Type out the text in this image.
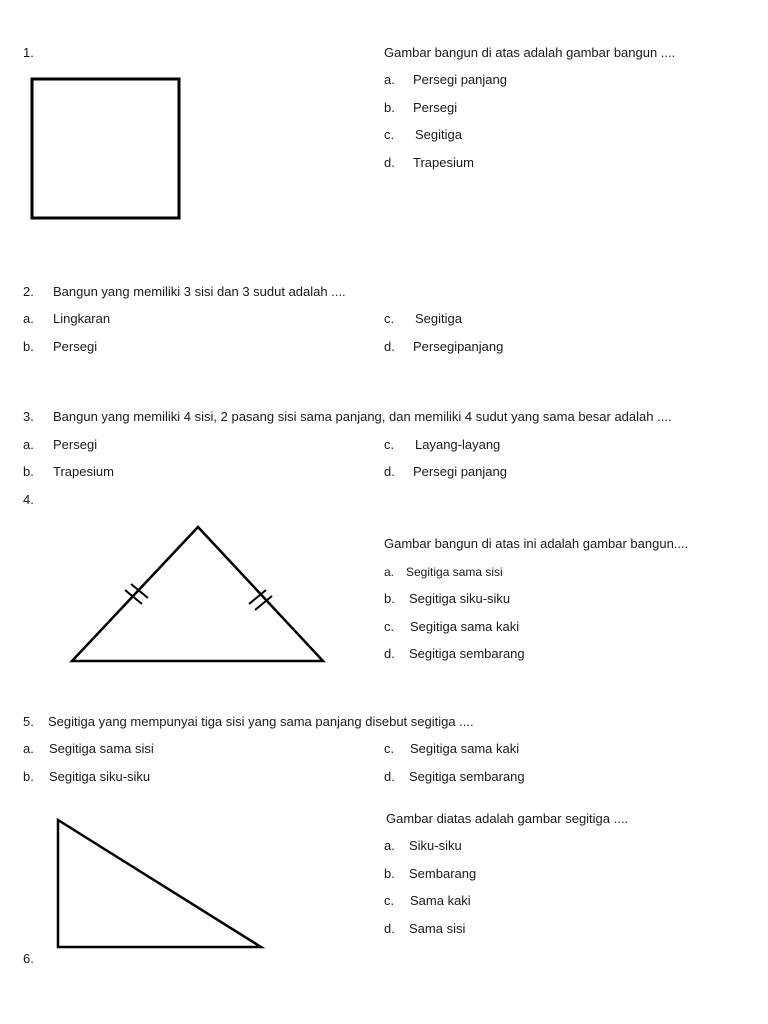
1.	Gambar bangun di atas adalah gambar bangun ....
a. Persegi panjang
b. Persegi
c. Segitiga
d. Trapesium
2. Bangun yang memiliki 3 sisi dan 3 sudut adalah ....
a. Lingkaran
b. Persegi
c. Segitiga
d. Persegipanjang
3. Bangun yang memiliki 4 sisi, 2 pasang sisi sama panjang, dan memiliki 4 sudut yang sama besar adalah ....
a. Persegi
b. Trapesium
c. Layang-layang
d. Persegi panjang
4.
Gambar bangun di atas ini adalah gambar bangun....
a. Segitiga sama sisi
b. Segitiga siku-siku
c. Segitiga sama kaki
d. Segitiga sembarang
5. Segitiga yang mempunyai tiga sisi yang sama panjang disebut segitiga ....
a. Segitiga sama sisi
b. Segitiga siku-siku
c. Segitiga sama kaki
d. Segitiga sembarang
6.
Gambar diatas adalah gambar segitiga ....
a. Siku-siku
b. Sembarang
c. Sama kaki
d. Sama sisi
